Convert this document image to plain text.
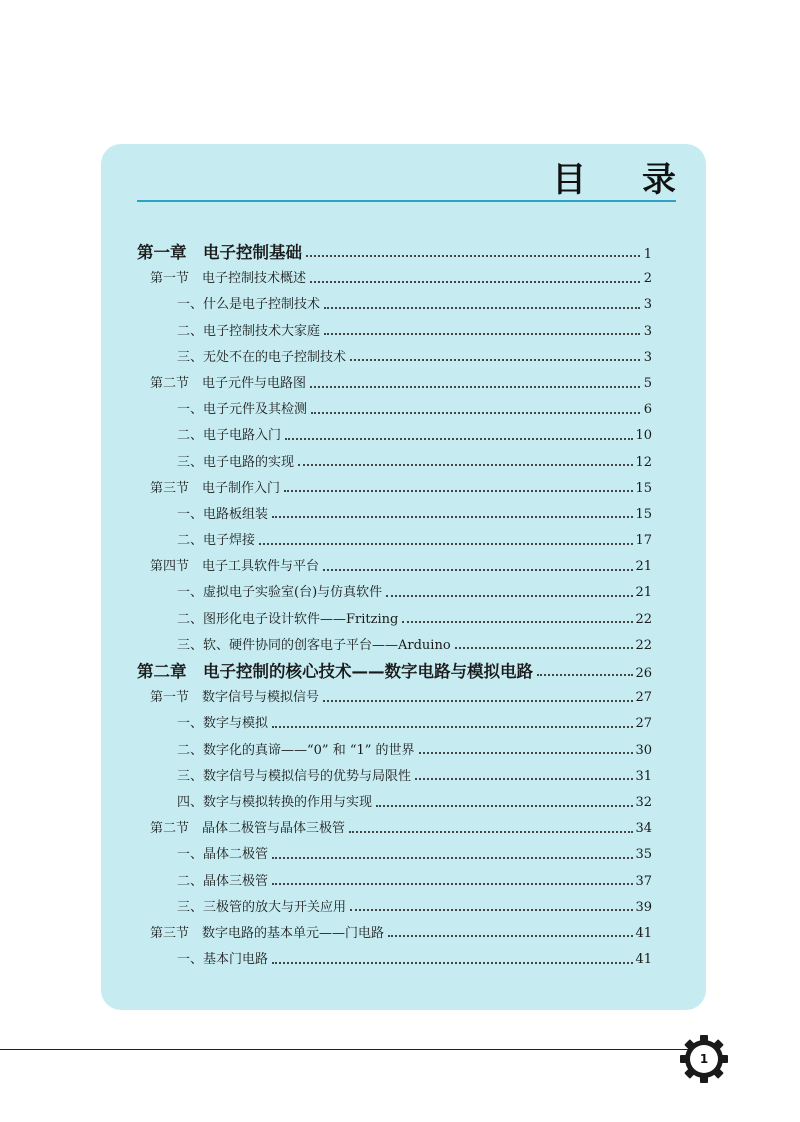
目 录
第一章　电子控制基础	1
第一节　电子控制技术概述	2
一、什么是电子控制技术	3
二、电子控制技术大家庭	3
三、无处不在的电子控制技术	3
第二节　电子元件与电路图	5
一、电子元件及其检测	6
二、电子电路入门	10
三、电子电路的实现	12
第三节　电子制作入门	15
一、电路板组装	15
二、电子焊接	17
第四节　电子工具软件与平台	21
一、虚拟电子实验室(台)与仿真软件	21
二、图形化电子设计软件——Fritzing	22
三、软、硬件协同的创客电子平台——Arduino	22
第二章　电子控制的核心技术——数字电路与模拟电路	26
第一节　数字信号与模拟信号	27
一、数字与模拟	27
二、数字化的真谛——“0” 和 “1” 的世界	30
三、数字信号与模拟信号的优势与局限性	31
四、数字与模拟转换的作用与实现	32
第二节　晶体二极管与晶体三极管	34
一、晶体二极管	35
二、晶体三极管	37
三、三极管的放大与开关应用	39
第三节　数字电路的基本单元——门电路	41
一、基本门电路	41
1
